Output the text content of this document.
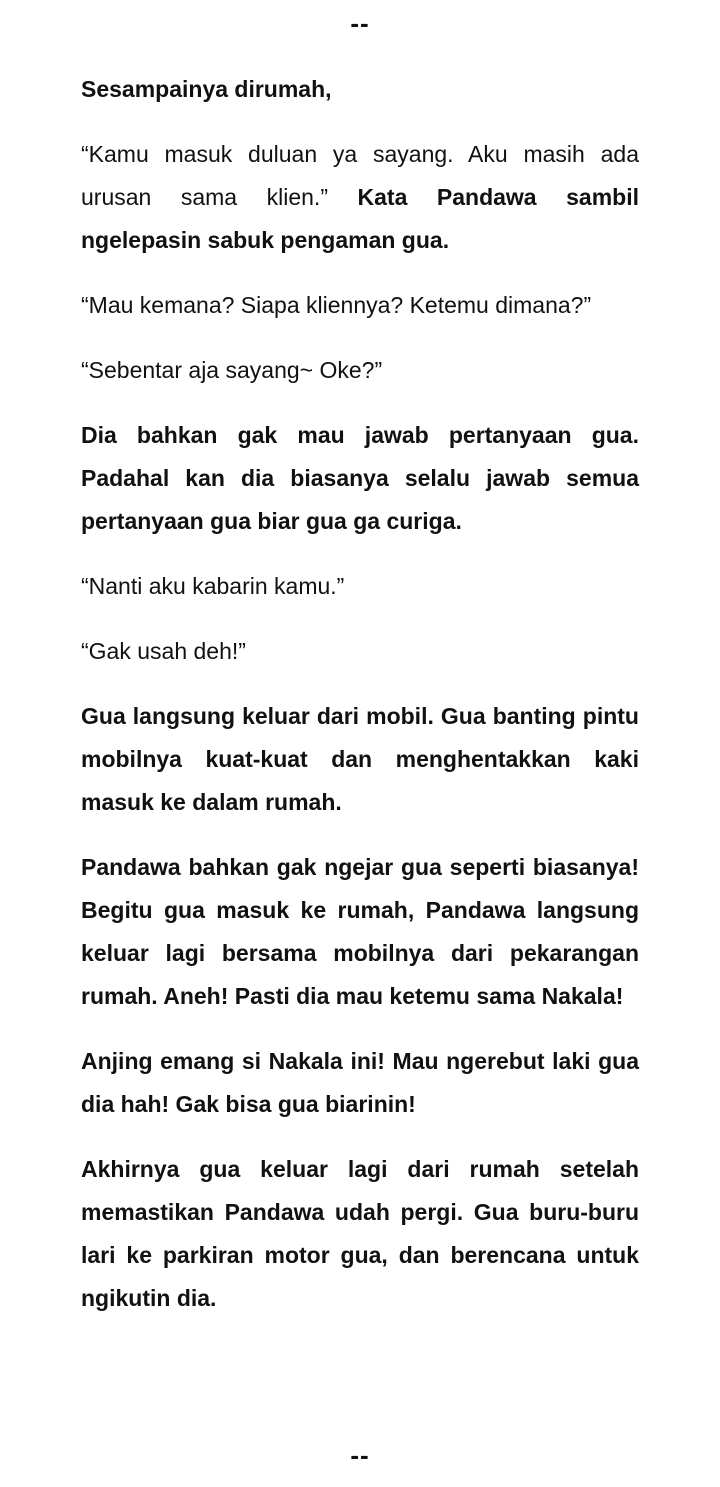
--

Sesampainya dirumah,

“Kamu masuk duluan ya sayang. Aku masih ada urusan sama klien.” Kata Pandawa sambil ngelepasin sabuk pengaman gua.

“Mau kemana? Siapa kliennya? Ketemu dimana?”

“Sebentar aja sayang~ Oke?”

Dia bahkan gak mau jawab pertanyaan gua. Padahal kan dia biasanya selalu jawab semua pertanyaan gua biar gua ga curiga.

“Nanti aku kabarin kamu.”

“Gak usah deh!”

Gua langsung keluar dari mobil. Gua banting pintu mobilnya kuat-kuat dan menghentakkan kaki masuk ke dalam rumah.

Pandawa bahkan gak ngejar gua seperti biasanya! Begitu gua masuk ke rumah, Pandawa langsung keluar lagi bersama mobilnya dari pekarangan rumah. Aneh! Pasti dia mau ketemu sama Nakala!

Anjing emang si Nakala ini! Mau ngerebut laki gua dia hah! Gak bisa gua biarinin!

Akhirnya gua keluar lagi dari rumah setelah memastikan Pandawa udah pergi. Gua buru-buru lari ke parkiran motor gua, dan berencana untuk ngikutin dia.

--
